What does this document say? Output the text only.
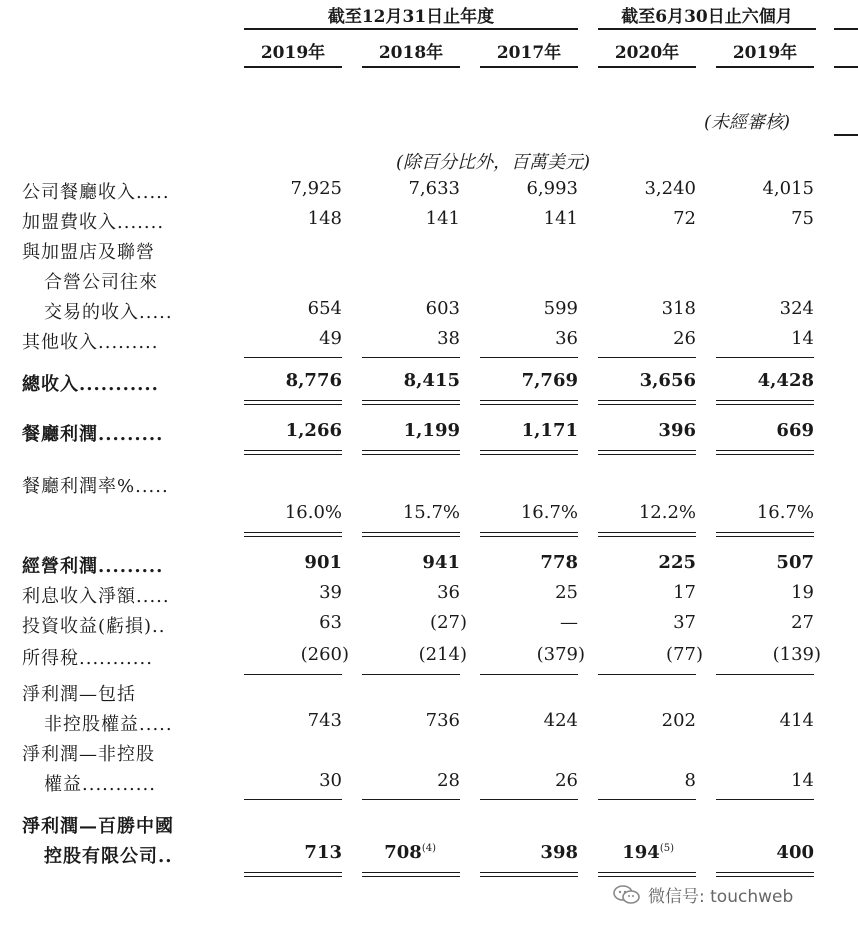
截至12月31日止年度	截至6月30日止六個月
2019年	2018年	2017年	2020年	2019年
(未經審核)
(除百分比外，百萬美元)
公司餐廳收入.....	7,925	7,633	6,993	3,240	4,015
加盟費收入.......	148	141	141	72	75
與加盟店及聯營
合營公司往來
交易的收入.....	654	603	599	318	324
其他收入.........	49	38	36	26	14
總收入...........	8,776	8,415	7,769	3,656	4,428
餐廳利潤.........	1,266	1,199	1,171	396	669
餐廳利潤率%.....
16.0%	15.7%	16.7%	12.2%	16.7%
經營利潤.........	901	941	778	225	507
利息收入淨額.....	39	36	25	17	19
投資收益(虧損)..	63	(27)	—	37	27
所得稅...........	(260)	(214)	(379)	(77)	(139)
淨利潤—包括
非控股權益.....	743	736	424	202	414
淨利潤—非控股
權益...........	30	28	26	8	14
淨利潤—百勝中國
控股有限公司..	713	708$^{(4)}$	398	194$^{(5)}$	400
微信号: touchweb
